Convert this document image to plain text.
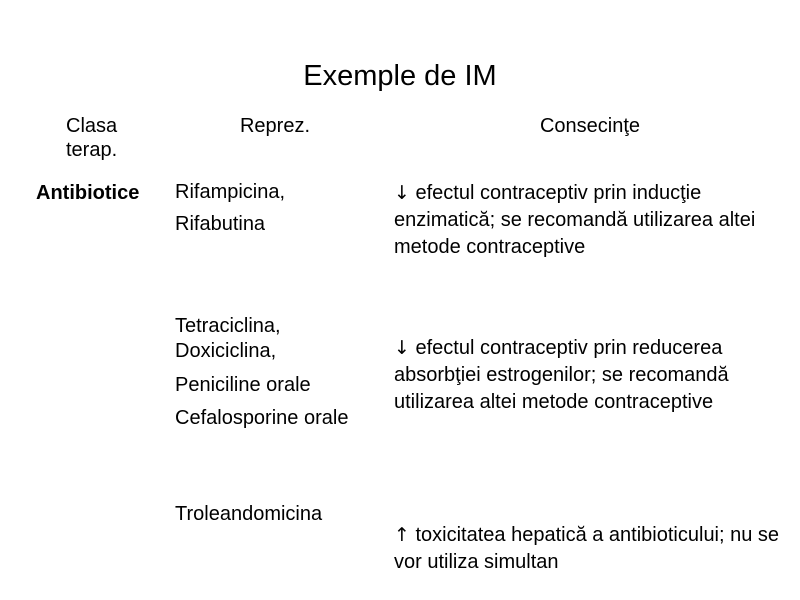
Exemple de IM
Clasa terap.
Reprez.	Consecinţe
Antibiotice	Rifampicina,
Rifabutina
↓ efectul contraceptiv prin inducţie enzimatică; se recomandă utilizarea altei metode contraceptive
Tetraciclina, Doxiciclina,
Peniciline orale
Cefalosporine orale
↓ efectul contraceptiv prin reducerea absorbţiei estrogenilor; se recomandă utilizarea altei metode contraceptive
Troleandomicina
↑ toxicitatea hepatică a antibioticului; nu se vor utiliza simultan
